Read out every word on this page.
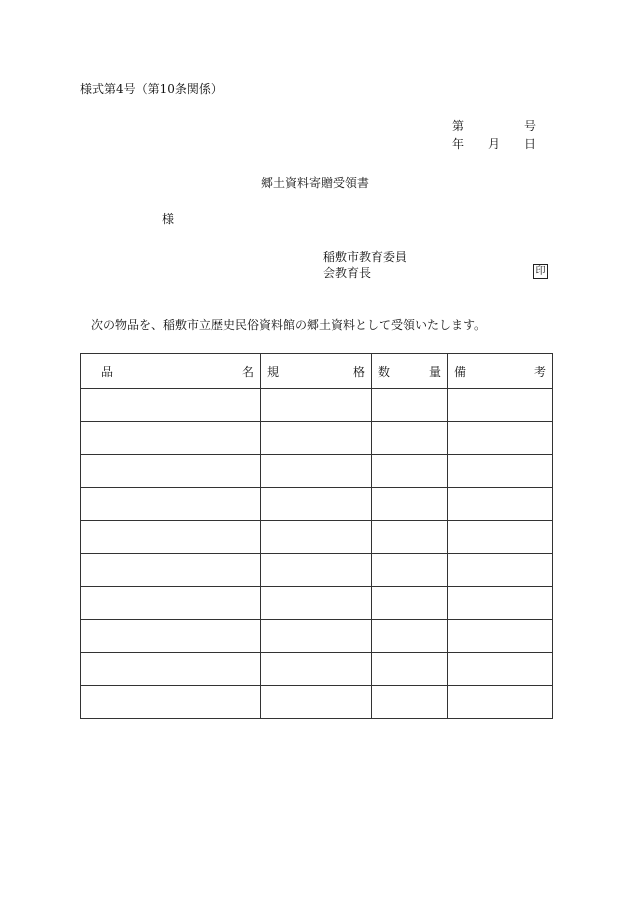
様式第4号（第10条関係）
第	号
年 月 日
郷土資料寄贈受領書
様
稲敷市教育委員
会教育長	印
次の物品を、稲敷市立歴史民俗資料館の郷土資料として受領いたします。
品 名	規 格	数 量	備 考
